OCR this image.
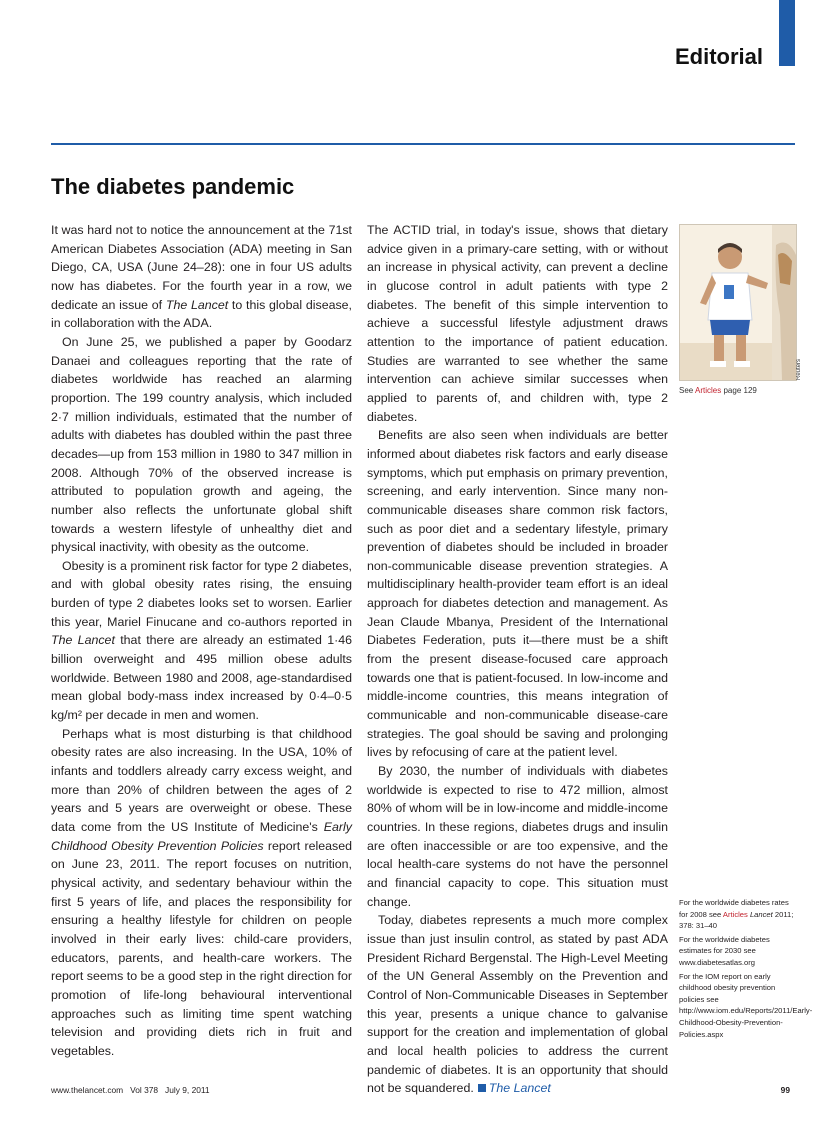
Editorial
The diabetes pandemic

It was hard not to notice the announcement at the 71st American Diabetes Association (ADA) meeting in San Diego, CA, USA (June 24–28): one in four US adults now has diabetes. For the fourth year in a row, we dedicate an issue of The Lancet to this global disease, in collaboration with the ADA.

On June 25, we published a paper by Goodarz Danaei and colleagues reporting that the rate of diabetes worldwide has reached an alarming proportion. The 199 country analysis, which included 2·7 million individuals, estimated that the number of adults with diabetes has doubled within the past three decades—up from 153 million in 1980 to 347 million in 2008. Although 70% of the observed increase is attributed to population growth and ageing, the number also reflects the unfortunate global shift towards a western lifestyle of unhealthy diet and physical inactivity, with obesity as the outcome.

Obesity is a prominent risk factor for type 2 diabetes, and with global obesity rates rising, the ensuing burden of type 2 diabetes looks set to worsen. Earlier this year, Mariel Finucane and co-authors reported in The Lancet that there are already an estimated 1·46 billion overweight and 495 million obese adults worldwide. Between 1980 and 2008, age-standardised mean global body-mass index increased by 0·4–0·5 kg/m² per decade in men and women.

Perhaps what is most disturbing is that childhood obesity rates are also increasing. In the USA, 10% of infants and toddlers already carry excess weight, and more than 20% of children between the ages of 2 years and 5 years are overweight or obese. These data come from the US Institute of Medicine's Early Childhood Obesity Prevention Policies report released on June 23, 2011. The report focuses on nutrition, physical activity, and sedentary behaviour within the first 5 years of life, and places the responsibility for ensuring a healthy lifestyle for children on people involved in their early lives: child-care providers, educators, parents, and health-care workers. The report seems to be a good step in the right direction for promotion of life-long behavioural interventional approaches such as limiting time spent watching television and providing diets rich in fruit and vegetables.

The ACTID trial, in today's issue, shows that dietary advice given in a primary-care setting, with or without an increase in physical activity, can prevent a decline in glucose control in adult patients with type 2 diabetes. The benefit of this simple intervention to achieve a successful lifestyle adjustment draws attention to the importance of patient education. Studies are warranted to see whether the same intervention can achieve similar successes when applied to parents of, and children with, type 2 diabetes.

Benefits are also seen when individuals are better informed about diabetes risk factors and early disease symptoms, which put emphasis on primary prevention, screening, and early intervention. Since many non-communicable diseases share common risk factors, such as poor diet and a sedentary lifestyle, primary prevention of diabetes should be included in broader non-communicable disease prevention strategies. A multidisciplinary health-provider team effort is an ideal approach for diabetes detection and management. As Jean Claude Mbanya, President of the International Diabetes Federation, puts it—there must be a shift from the present disease-focused care approach towards one that is patient-focused. In low-income and middle-income countries, this means integration of communicable and non-communicable disease-care strategies. The goal should be saving and prolonging lives by refocusing of care at the patient level.

By 2030, the number of individuals with diabetes worldwide is expected to rise to 472 million, almost 80% of whom will be in low-income and middle-income countries. In these regions, diabetes drugs and insulin are often inaccessible or are too expensive, and the local health-care systems do not have the personnel and financial capacity to cope. This situation must change.

Today, diabetes represents a much more complex issue than just insulin control, as stated by past ADA President Richard Bergenstal. The High-Level Meeting of the UN General Assembly on the Prevention and Control of Non-Communicable Diseases in September this year, presents a unique chance to galvanise support for the creation and implementation of global and local health policies to address the current pandemic of diabetes. It is an opportunity that should not be squandered. The Lancet

Reuters
See Articles page 129
For the worldwide diabetes rates for 2008 see Articles Lancet 2011; 378: 31–40
For the worldwide diabetes estimates for 2030 see www.diabetesatlas.org
For the IOM report on early childhood obesity prevention policies see http://www.iom.edu/Reports/2011/Early-Childhood-Obesity-Prevention-Policies.aspx
www.thelancet.com   Vol 378   July 9, 2011	99
